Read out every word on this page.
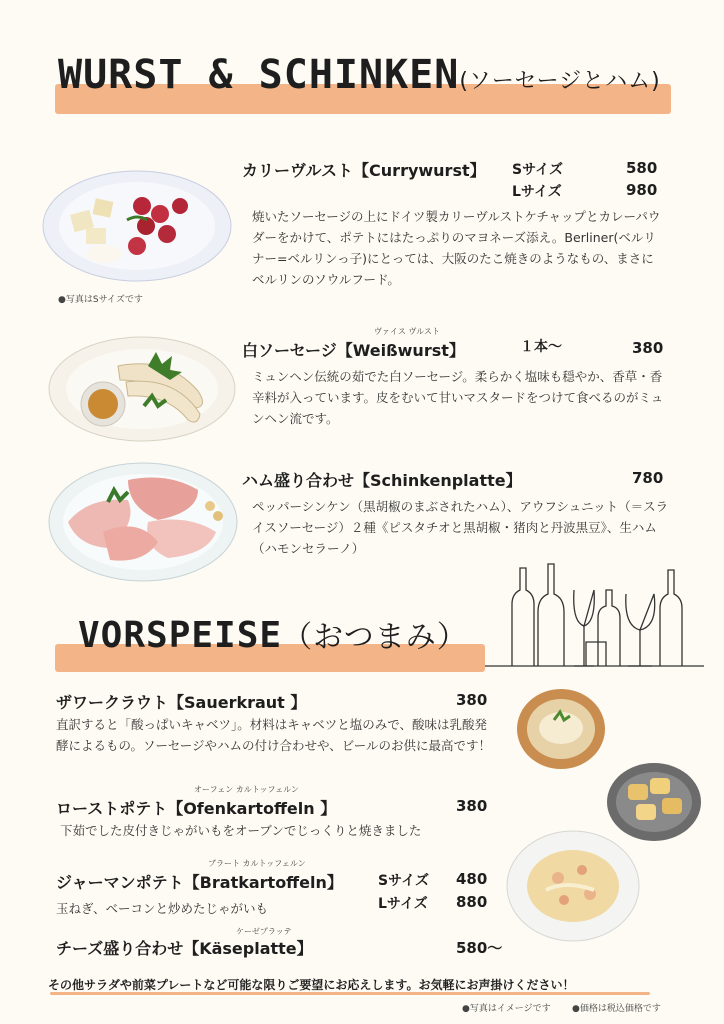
WURST & SCHINKEN(ソーセージとハム)
●写真はSサイズです
カリーヴルスト【Currywurst】 Sサイズ	580
Lサイズ	980
焼いたソーセージの上にドイツ製カリーヴルストケチャップとカレーパウダーをかけて、ポテトにはたっぷりのマヨネーズ添え。Berliner(ベルリナー=ベルリンっ子)にとっては、大阪のたこ焼きのようなもの、まさにベルリンのソウルフード。
ヴァイス ヴルスト
白ソーセージ【Weißwurst】	１本～	380
ミュンヘン伝統の茹でた白ソーセージ。柔らかく塩味も穏やか、香草・香辛料が入っています。皮をむいて甘いマスタードをつけて食べるのがミュンヘン流です。
ハム盛り合わせ【Schinkenplatte】	780
ペッパーシンケン（黒胡椒のまぶされたハム）、アウフシュニット（＝スライスソーセージ）２種《ピスタチオと黒胡椒・猪肉と丹波黒豆》、生ハム（ハモンセラーノ）
VORSPEISE（おつまみ）
ザワークラウト【Sauerkraut 】	380
直訳すると「酸っぱいキャベツ」。材料はキャベツと塩のみで、酸味は乳酸発酵によるもの。ソーセージやハムの付け合わせや、ビールのお供に最高です！
オーフェン カルトッフェルン
ローストポテト【Ofenkartoffeln 】	380
下茹でした皮付きじゃがいもをオーブンでじっくりと焼きました
ブラート カルトッフェルン
ジャーマンポテト【Bratkartoffeln】	Sサイズ 480
Lサイズ 880
玉ねぎ、ベーコンと炒めたじゃがいも
ケーゼプラッテ
チーズ盛り合わせ【Käseplatte】	580～
その他サラダや前菜プレートなど可能な限りご要望にお応えします。お気軽にお声掛けください！
●写真はイメージです ●価格は税込価格です
